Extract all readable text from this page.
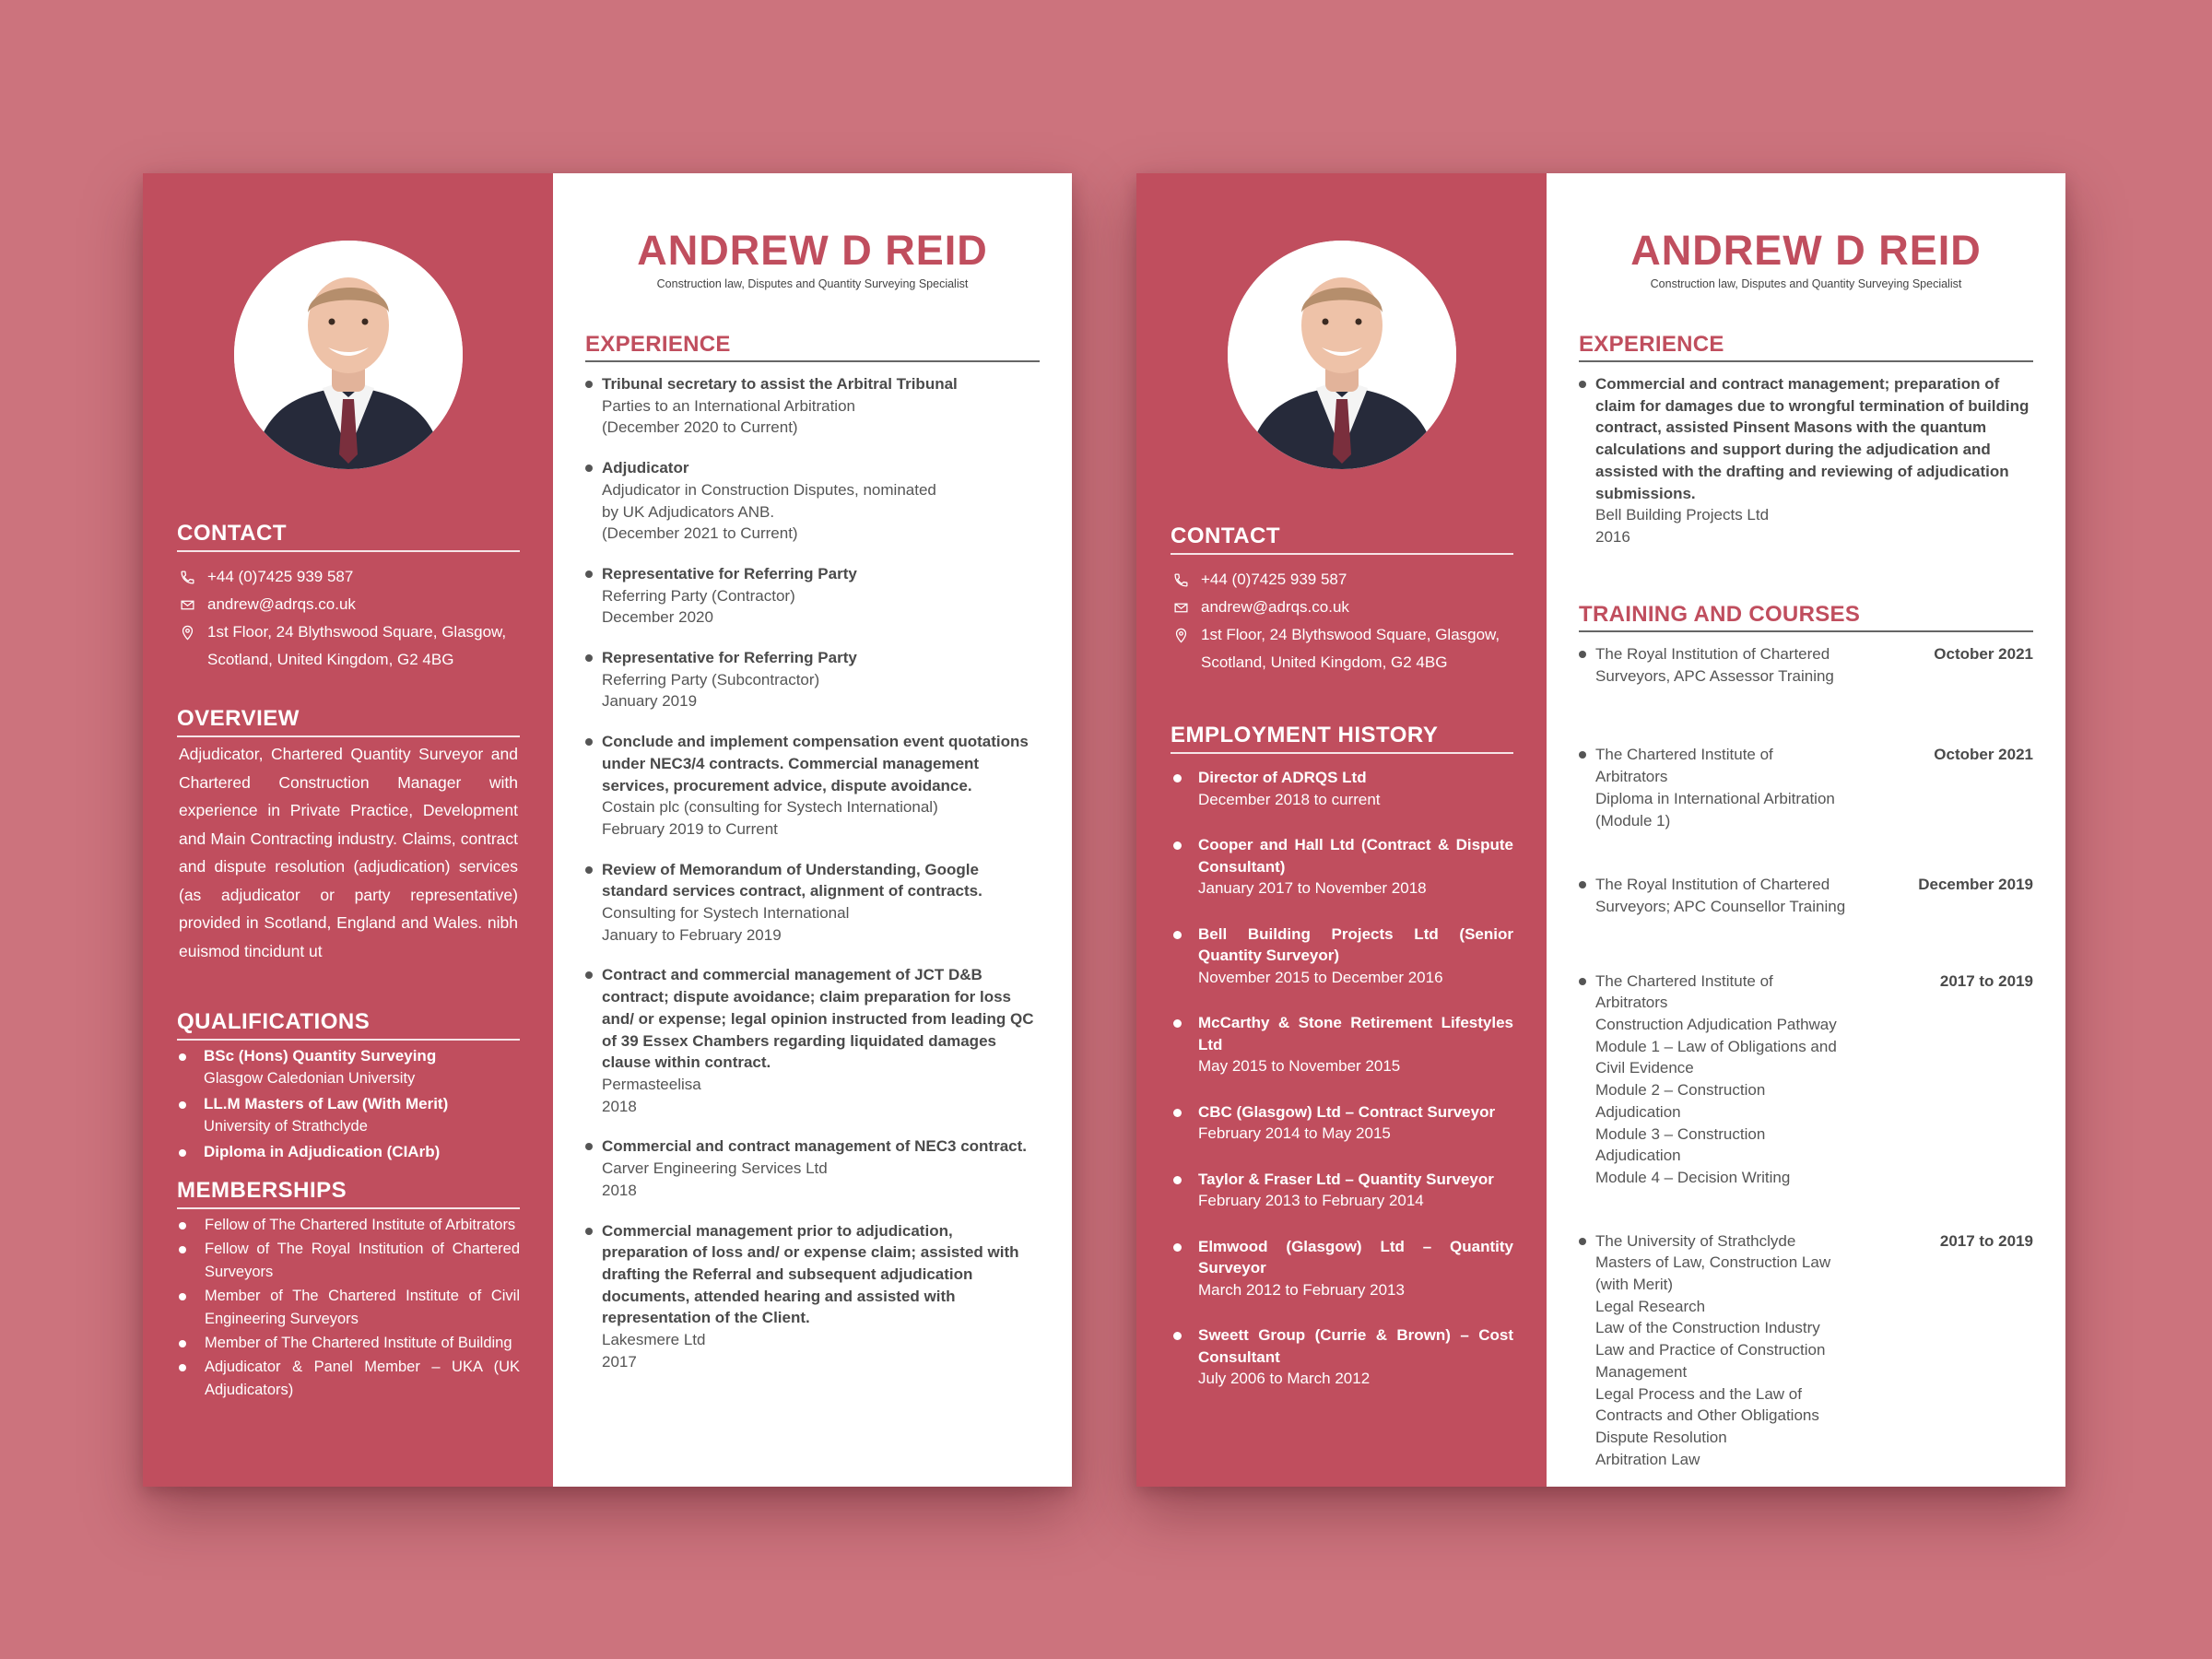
CONTACT
+44 (0)7425 939 587
andrew@adrqs.co.uk
1st Floor, 24 Blythswood Square, Glasgow, Scotland, United Kingdom, G2 4BG
OVERVIEW

Adjudicator, Chartered Quantity Surveyor and Chartered Construction Manager with experience in Private Practice, Development and Main Contracting industry. Claims, contract and dispute resolution (adjudication) services (as adjudicator or party representative) provided in Scotland, England and Wales. nibh euismod tincidunt ut

QUALIFICATIONS
BSc (Hons) Quantity Surveying
Glasgow Caledonian University
LL.M Masters of Law (With Merit)
University of Strathclyde
Diploma in Adjudication (CIArb)
MEMBERSHIPS
Fellow of The Chartered Institute of Arbitrators
Fellow of The Royal Institution of Chartered Surveyors
Member of The Chartered Institute of Civil Engineering Surveyors
Member of The Chartered Institute of Building
Adjudicator & Panel Member – UKA (UK Adjudicators)
ANDREW D REID
Construction law, Disputes and Quantity Surveying Specialist
EXPERIENCE
Tribunal secretary to assist the Arbitral Tribunal
Parties to an International Arbitration
(December 2020 to Current)
Adjudicator
Adjudicator in Construction Disputes, nominated
by UK Adjudicators ANB.
(December 2021 to Current)
Representative for Referring Party
Referring Party (Contractor)
December 2020
Representative for Referring Party
Referring Party (Subcontractor)
January 2019
Conclude and implement compensation event quotations under NEC3/4 contracts. Commercial management services, procurement advice, dispute avoidance.
Costain plc (consulting for Systech International)
February 2019 to Current
Review of Memorandum of Understanding, Google standard services contract, alignment of contracts.
Consulting for Systech International
January to February 2019
Contract and commercial management of JCT D&B contract; dispute avoidance; claim preparation for loss and/ or expense; legal opinion instructed from leading QC of 39 Essex Chambers regarding liquidated damages clause within contract.
Permasteelisa
2018
Commercial and contract management of NEC3 contract.
Carver Engineering Services Ltd
2018
Commercial management prior to adjudication, preparation of loss and/ or expense claim; assisted with drafting the Referral and subsequent adjudication documents, attended hearing and assisted with representation of the Client.
Lakesmere Ltd
2017
CONTACT
+44 (0)7425 939 587
andrew@adrqs.co.uk
1st Floor, 24 Blythswood Square, Glasgow, Scotland, United Kingdom, G2 4BG
EMPLOYMENT HISTORY
Director of ADRQS Ltd
December 2018 to current
Cooper and Hall Ltd (Contract & Dispute Consultant)
January 2017 to November 2018
Bell Building Projects Ltd (Senior Quantity Surveyor)
November 2015 to December 2016
McCarthy & Stone Retirement Lifestyles Ltd
May 2015 to November 2015
CBC (Glasgow) Ltd – Contract Surveyor
February 2014 to May 2015
Taylor & Fraser Ltd – Quantity Surveyor
February 2013 to February 2014
Elmwood (Glasgow) Ltd – Quantity Surveyor
March 2012 to February 2013
Sweett Group (Currie & Brown) – Cost Consultant
July 2006 to March 2012
ANDREW D REID
Construction law, Disputes and Quantity Surveying Specialist
EXPERIENCE
Commercial and contract management; preparation of claim for damages due to wrongful termination of building contract, assisted Pinsent Masons with the quantum calculations and support during the adjudication and assisted with the drafting and reviewing of adjudication submissions.
Bell Building Projects Ltd
2016
TRAINING AND COURSES
The Royal Institution of Chartered
Surveyors, APC Assessor Training
October 2021
The Chartered Institute of
Arbitrators
Diploma in International Arbitration
(Module 1)
October 2021
The Royal Institution of Chartered
Surveyors; APC Counsellor Training
December 2019
The Chartered Institute of
Arbitrators
Construction Adjudication Pathway
Module 1 – Law of Obligations and
Civil Evidence
Module 2 – Construction
Adjudication
Module 3 – Construction
Adjudication
Module 4 – Decision Writing
2017 to 2019
The University of Strathclyde
Masters of Law, Construction Law
(with Merit)
Legal Research
Law of the Construction Industry
Law and Practice of Construction
Management
Legal Process and the Law of
Contracts and Other Obligations
Dispute Resolution
Arbitration Law
2017 to 2019
